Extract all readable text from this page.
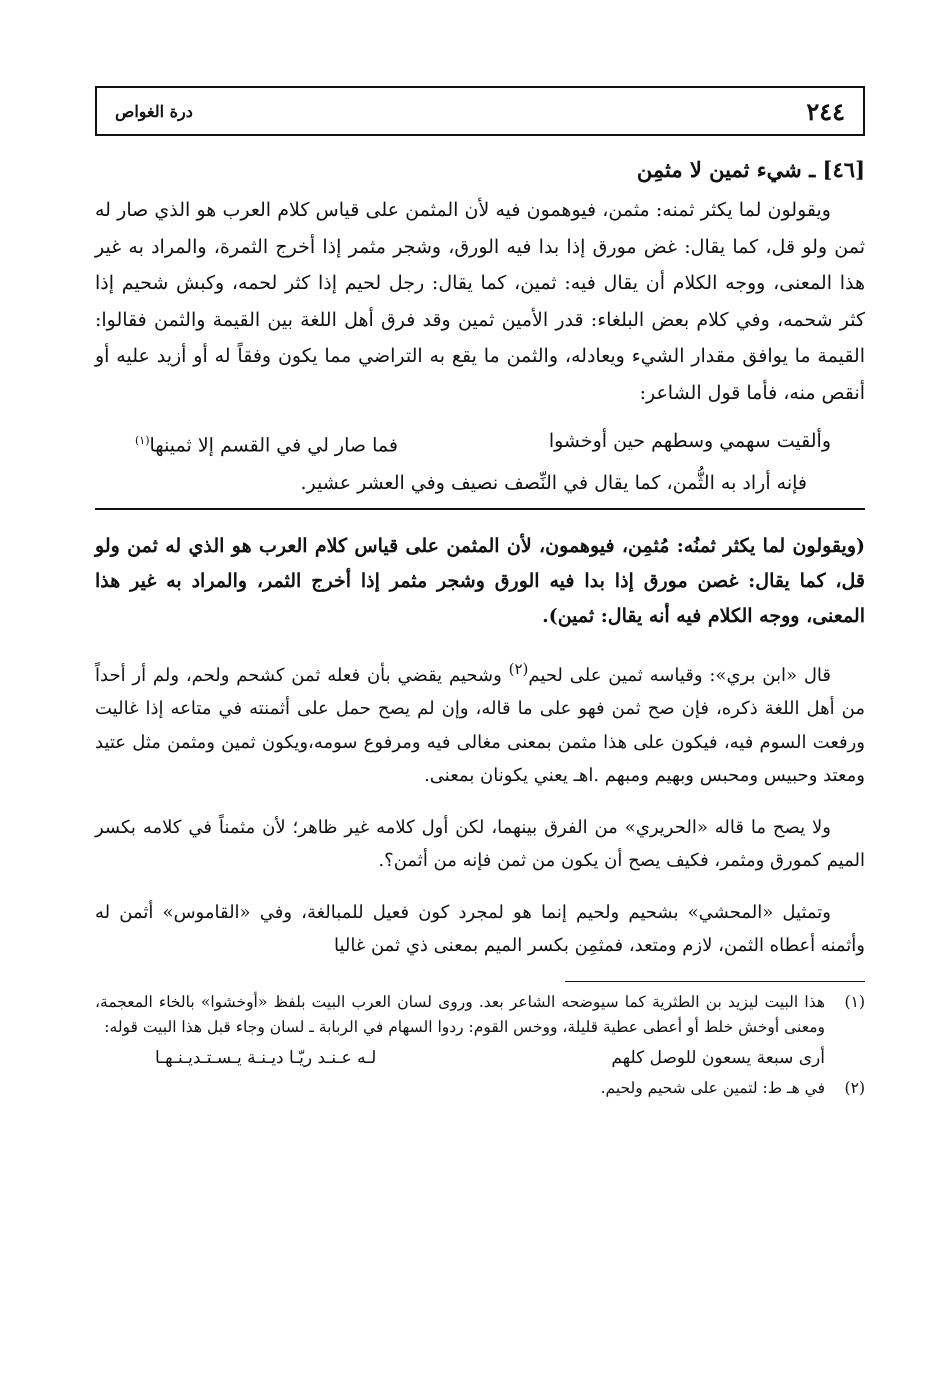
٢٤٤
درة الغواص
[٤٦] ـ شيء ثمين لا مثمِن

ويقولون لما يكثر ثمنه: مثمن، فيوهمون فيه لأن المثمن على قياس كلام العرب هو الذي صار له ثمن ولو قل، كما يقال: غض مورق إذا بدا فيه الورق، وشجر مثمر إذا أخرج الثمرة، والمراد به غير هذا المعنى، ووجه الكلام أن يقال فيه: ثمين، كما يقال: رجل لحيم إذا كثر لحمه، وكبش شحيم إذا كثر شحمه، وفي كلام بعض البلغاء: قدر الأمين ثمين وقد فرق أهل اللغة بين القيمة والثمن فقالوا: القيمة ما يوافق مقدار الشيء ويعادله، والثمن ما يقع به التراضي مما يكون وفقاً له أو أزيد عليه أو أنقص منه، فأما قول الشاعر:

وألقيت سهمي وسطهم حين أوخشوا
فما صار لي في القسم إلا ثمينها$^{(١)}$

فإنه أراد به الثُّمن، كما يقال في النِّصف نصيف وفي العشر عشير.

(ويقولون لما يكثر ثمنُه: مُثمِن، فيوهمون، لأن المثمن على قياس كلام العرب هو الذي له ثمن ولو قل، كما يقال: غصن مورق إذا بدا فيه الورق وشجر مثمر إذا أخرج الثمر، والمراد به غير هذا المعنى، ووجه الكلام فيه أنه يقال: ثمين).

قال «ابن بري»: وقياسه ثمين على لحيم$^{(٢)}$ وشحيم يقضي بأن فعله ثمن كشحم ولحم، ولم أر أحداً من أهل اللغة ذكره، فإن صح ثمن فهو على ما قاله، وإن لم يصح حمل على أثمنته في متاعه إذا غاليت ورفعت السوم فيه، فيكون على هذا مثمن بمعنى مغالى فيه ومرفوع سومه،ويكون ثمين ومثمن مثل عتيد ومعتد وحبيس ومحبس وبهيم ومبهم .اهـ يعني يكونان بمعنى.

ولا يصح ما قاله «الحريري» من الفرق بينهما، لكن أول كلامه غير ظاهر؛ لأن مثمناً في كلامه بكسر الميم كمورق ومثمر، فكيف يصح أن يكون من ثمن فإنه من أثمن؟.

وتمثيل «المحشي» بشحيم ولحيم إنما هو لمجرد كون فعيل للمبالغة، وفي «القاموس» أثمن له وأثمنه أعطاه الثمن، لازم ومتعد، فمثمِن بكسر الميم بمعنى ذي ثمن غاليا

(١)
هذا البيت ليزيد بن الطثرية كما سيوضحه الشاعر بعد. وروى لسان العرب البيت بلفظ «أوخشوا» بالخاء المعجمة، ومعنى أوخش خلط أو أعطى عطية قليلة، ووخس القوم: ردوا السهام في الربابة ـ لسان وجاء قبل هذا البيت قوله:
أرى سبعة يسعون للوصل كلهم
لـه عـنـد ريّـا ديـنـة يـسـتـديـنـهـا
(٢)
في هـ ط: لتمين على شحيم ولحيم.
